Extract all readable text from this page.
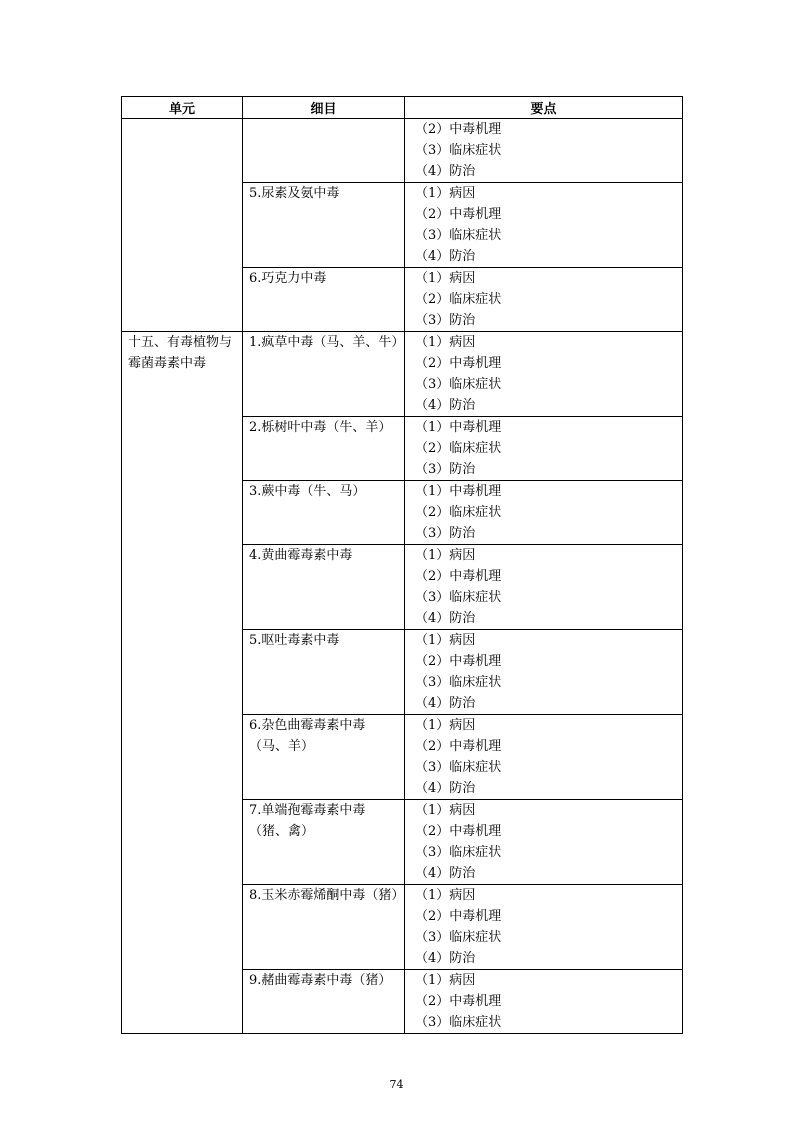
单元	细目	要点

		（2）中毒机理
（3）临床症状
（4）防治

	5.尿素及氨中毒	（1）病因
（2）中毒机理
（3）临床症状
（4）防治

	6.巧克力中毒	（1）病因
（2）临床症状
（3）防治

十五、有毒植物与霉菌毒素中毒	1.疯草中毒（马、羊、牛）	（1）病因
（2）中毒机理
（3）临床症状
（4）防治

	2.栎树叶中毒（牛、羊）	（1）中毒机理
（2）临床症状
（3）防治

	3.蕨中毒（牛、马）	（1）中毒机理
（2）临床症状
（3）防治

	4.黄曲霉毒素中毒	（1）病因
（2）中毒机理
（3）临床症状
（4）防治

	5.呕吐毒素中毒	（1）病因
（2）中毒机理
（3）临床症状
（4）防治

	6.杂色曲霉毒素中毒（马、羊）	（1）病因
（2）中毒机理
（3）临床症状
（4）防治

	7.单端孢霉毒素中毒（猪、禽）	（1）病因
（2）中毒机理
（3）临床症状
（4）防治

	8.玉米赤霉烯酮中毒（猪）	（1）病因
（2）中毒机理
（3）临床症状
（4）防治

	9.赭曲霉毒素中毒（猪）	（1）病因
（2）中毒机理
（3）临床症状
74
